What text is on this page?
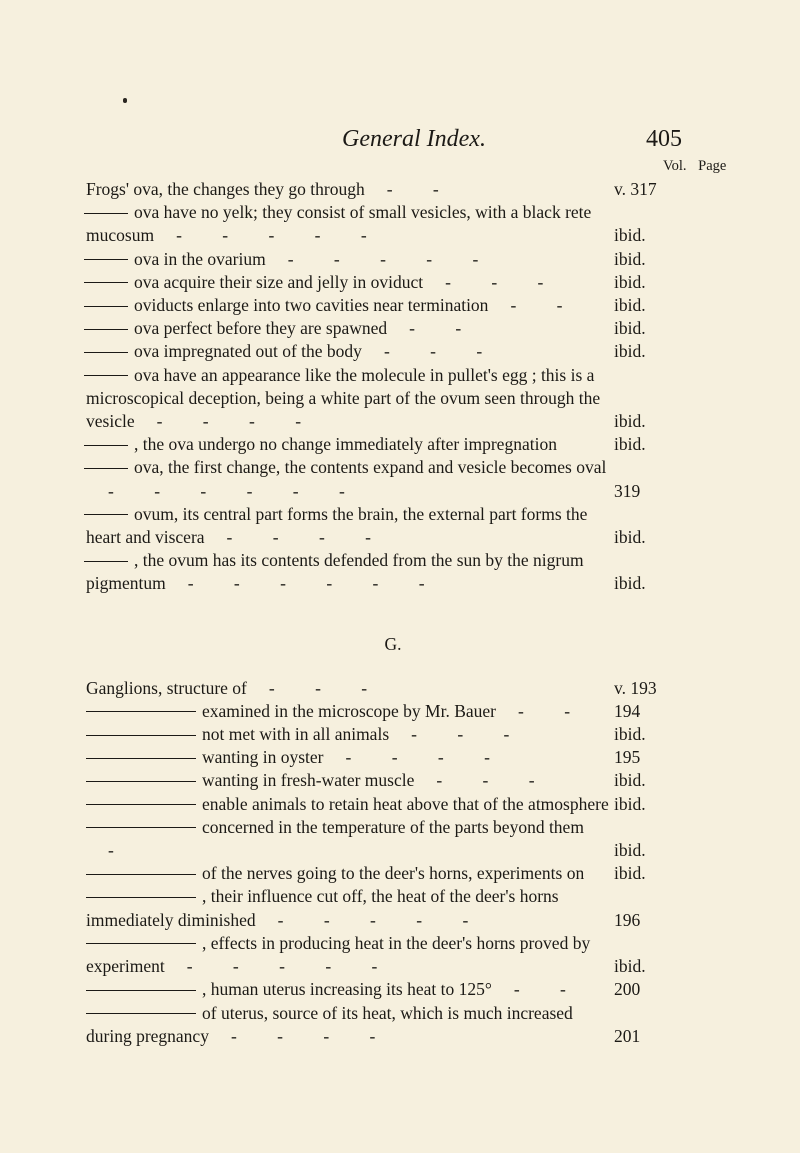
General Index.	405
Vol. Page
Frogs' ova, the changes they go through - -	v. 317
ova have no yelk; they consist of small vesicles, with a black rete mucosum - - - - -	ibid.
ova in the ovarium - - - - -	ibid.
ova acquire their size and jelly in oviduct - - -	ibid.
oviducts enlarge into two cavities near termination - -	ibid.
ova perfect before they are spawned - -	ibid.
ova impregnated out of the body - - -	ibid.
ova have an appearance like the molecule in pullet's egg ; this is a microscopical deception, being a white part of the ovum seen through the vesicle - - - -	ibid.
, the ova undergo no change immediately after impregnation	ibid.
ova, the first change, the contents expand and vesicle becomes oval- - - - - -	319
ovum, its central part forms the brain, the external part forms the heart and viscera - - - -	ibid.
, the ovum has its contents defended from the sun by the nigrum pigmentum - - - - - -	ibid.
G.
Ganglions, structure of - - -	v. 193
examined in the microscope by Mr. Bauer - -	194
not met with in all animals - - -	ibid.
wanting in oyster - - - -	195
wanting in fresh-water muscle - - -	ibid.
enable animals to retain heat above that of the atmosphere ibid.
concerned in the temperature of the parts beyond them-	ibid.
of the nerves going to the deer's horns, experiments on	ibid.
, their influence cut off, the heat of the deer's horns immediately diminished - - - - -	196
, effects in producing heat in the deer's horns proved by experiment - - - - -	ibid.
, human uterus increasing its heat to 125° - -	200
of uterus, source of its heat, which is much increased during pregnancy - - - -	201
